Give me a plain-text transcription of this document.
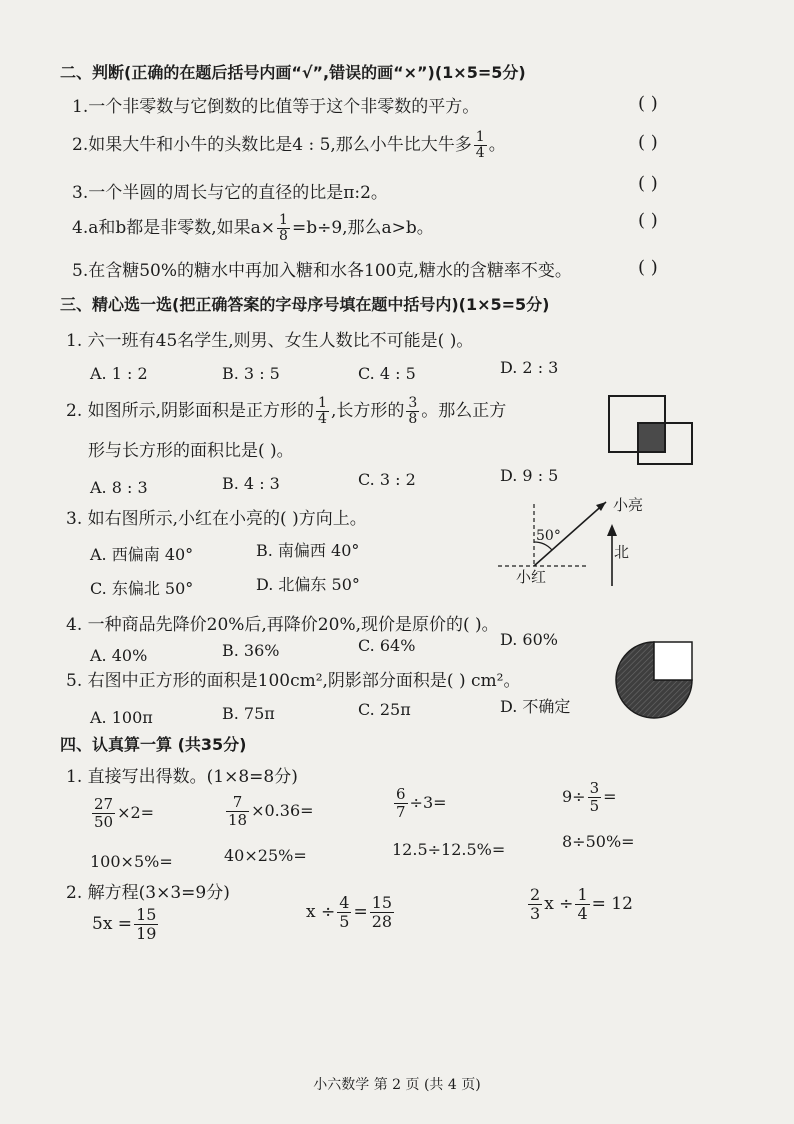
二、判断(正确的在题后括号内画“√”,错误的画“×”)(1×5=5分)
1.一个非零数与它倒数的比值等于这个非零数的平方。	( )
2.如果大牛和小牛的头数比是4 : 5,那么小牛比大牛多 $\frac{1}{4}$ 。	( )
3.一个半圆的周长与它的直径的比是π:2。	( )
4.a和b都是非零数,如果$a\times \frac{1}{8} =b\div 9$,那么a>b。	( )
5.在含糖50%的糖水中再加入糖和水各100克,糖水的含糖率不变。	( )
三、精心选一选(把正确答案的字母序号填在题中括号内)(1×5=5分)
1. 六一班有45名学生,则男、女生人数比不可能是( )。
A. 1 : 2	B. 3 : 5	C. 4 : 5	D. 2 : 3
2. 如图所示,阴影面积是正方形的 $\frac{1}{4}$ ,长方形的 $\frac{3}{8}$ 。那么正方
形与长方形的面积比是( )。
A. 8 : 3	B. 4 : 3	C. 3 : 2	D. 9 : 5
3. 如右图所示,小红在小亮的( )方向上。
A. 西偏南 40°	B. 南偏西 40°
C. 东偏北 50°	D. 北偏东 50°
50°
小亮
小红
北
4. 一种商品先降价20%后,再降价20%,现价是原价的( )。
A. 40%	B. 36%	C. 64%	D. 60%
5. 右图中正方形的面积是100cm²,阴影部分面积是( ) cm²。
A. 100π	B. 75π	C. 25π	D. 不确定
四、认真算一算 (共35分)
1. 直接写出得数。(1×8=8分)
$\frac{27}{50} \times 2=$	$\frac{7}{18} \times 0.36=$	$\frac{6}{7} \div 3=$	$9\div \frac{3}{5}$ =
100×5%=	40×25%=	12.5÷12.5%=	8÷50%=
2. 解方程(3×3=9分)
$5x = \frac{15}{19}$	$x \div \frac{4}{5} = \frac{15}{28}$	$\frac{2}{3}$ $x \div \frac{1}{4} = 12$
小六数学 第 2 页 (共 4 页)
